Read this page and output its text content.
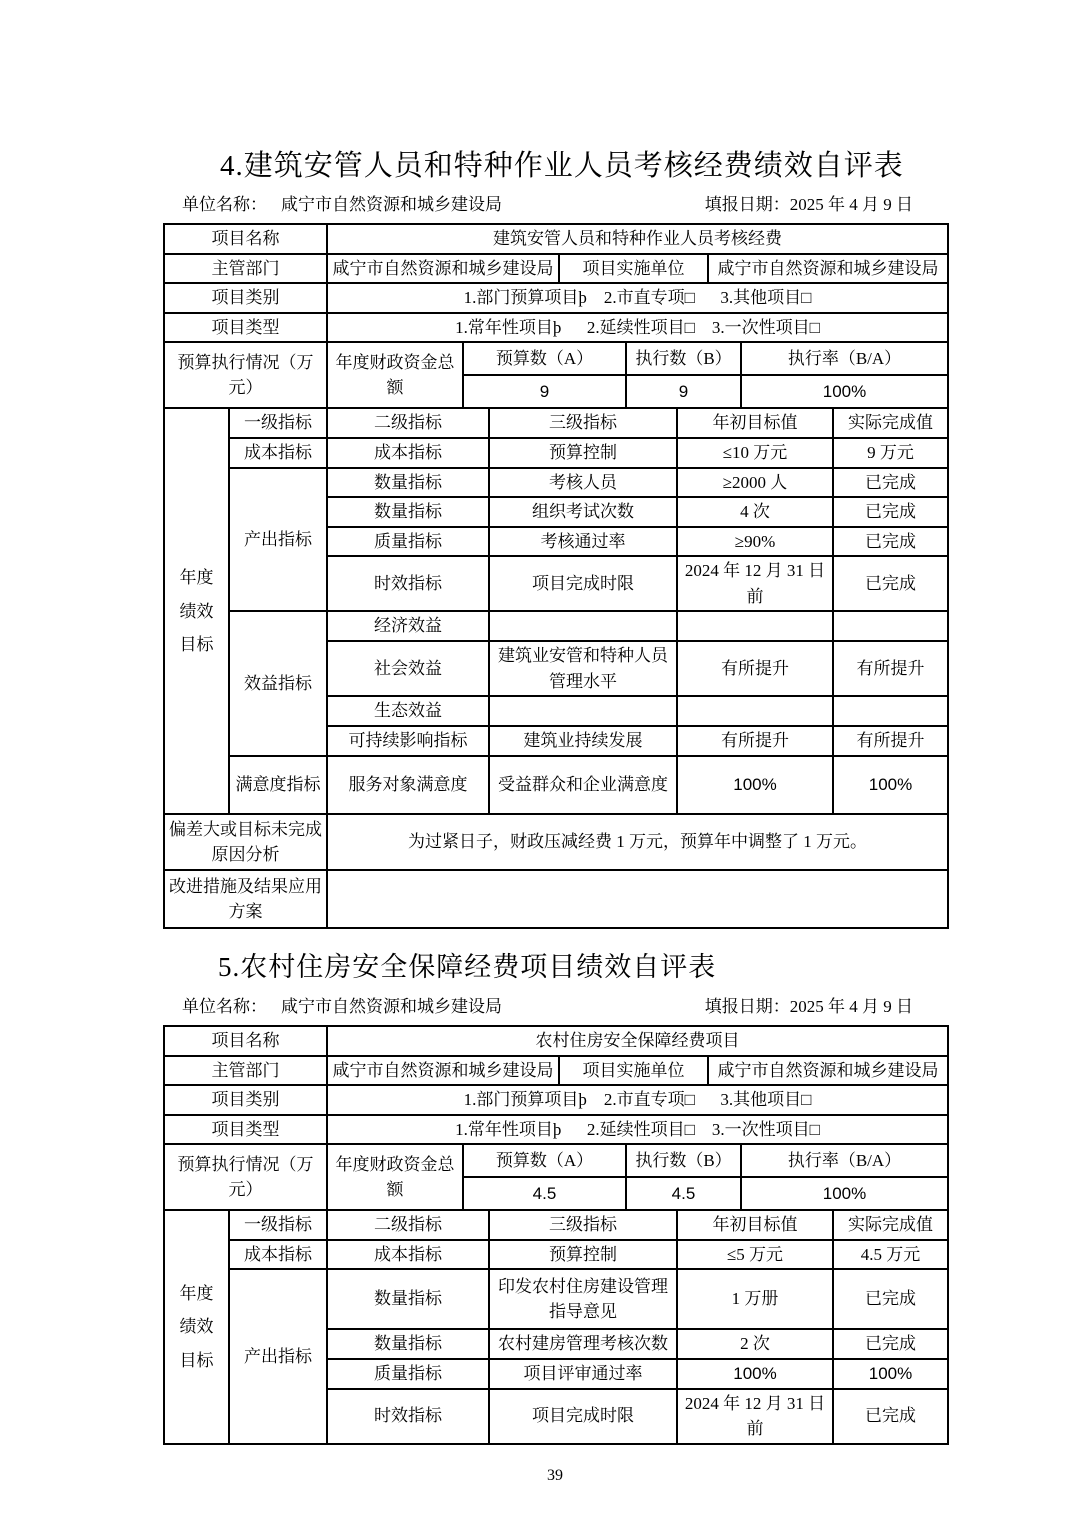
4.建筑安管人员和特种作业人员考核经费绩效自评表
单位名称： 咸宁市自然资源和城乡建设局	填报日期：2025 年 4 月 9 日
项目名称	建筑安管人员和特种作业人员考核经费					
主管部门	咸宁市自然资源和城乡建设局		项目实施单位		咸宁市自然资源和城乡建设局	
项目类别	1.部门预算项目þ    2.市直专项□      3.其他项目□					
项目类型	1.常年性项目þ      2.延续性项目□    3.一次性项目□					
预算执行情况（万元）	年度财政资金总额	预算数（A）		执行数（B）		执行率（B/A）
		9		9		100%
年度绩效目标	一级指标	二级指标	三级指标	年初目标值	实际完成值
	成本指标	成本指标	预算控制	≤10 万元	9 万元
	产出指标	数量指标	考核人员	≥2000 人	已完成
		数量指标	组织考试次数	4 次	已完成
		质量指标	考核通过率	≥90%	已完成
		时效指标	项目完成时限	2024 年 12 月 31 日前	已完成
	效益指标	经济效益			
		社会效益	建筑业安管和特种人员管理水平	有所提升	有所提升
		生态效益			
		可持续影响指标	建筑业持续发展	有所提升	有所提升
	满意度指标	服务对象满意度	受益群众和企业满意度	100%	100%
偏差大或目标未完成原因分析		为过紧日子，财政压减经费 1 万元，预算年中调整了 1 万元。			
改进措施及结果应用方案					
5.农村住房安全保障经费项目绩效自评表
单位名称： 咸宁市自然资源和城乡建设局	填报日期：2025 年 4 月 9 日
项目名称	农村住房安全保障经费项目					
主管部门	咸宁市自然资源和城乡建设局		项目实施单位		咸宁市自然资源和城乡建设局	
项目类别	1.部门预算项目þ    2.市直专项□      3.其他项目□					
项目类型	1.常年性项目þ      2.延续性项目□    3.一次性项目□					
预算执行情况（万元）	年度财政资金总额	预算数（A）		执行数（B）		执行率（B/A）
		4.5		4.5		100%
年度绩效目标	一级指标	二级指标	三级指标	年初目标值	实际完成值
	成本指标	成本指标	预算控制	≤5 万元	4.5 万元
	产出指标	数量指标	印发农村住房建设管理指导意见	1 万册	已完成
		数量指标	农村建房管理考核次数	2 次	已完成
		质量指标	项目评审通过率	100%	100%
		时效指标	项目完成时限	2024 年 12 月 31 日前	已完成
39
